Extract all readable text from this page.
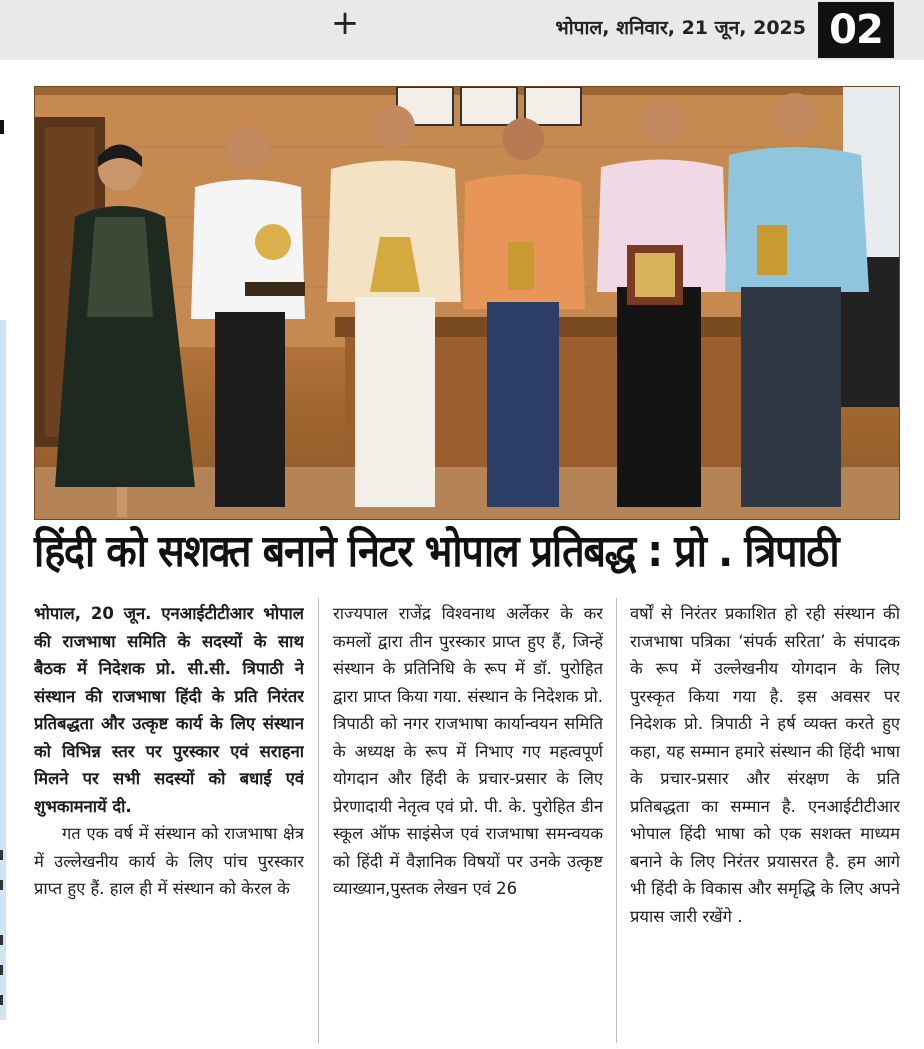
+	भोपाल, शनिवार, 21 जून, 2025 02
हिंदी को सशक्त बनाने निटर भोपाल प्रतिबद्ध : प्रो . त्रिपाठी

भोपाल, 20 जून. एनआईटीटीआर भोपाल की राजभाषा समिति के सदस्यों के साथ बैठक में निदेशक प्रो. सी.सी. त्रिपाठी ने संस्थान की राजभाषा हिंदी के प्रति निरंतर प्रतिबद्धता और उत्कृष्ट कार्य के लिए संस्थान को विभिन्न स्तर पर पुरस्कार एवं सराहना मिलने पर सभी सदस्यों को बधाई एवं शुभकामनायें दी.

गत एक वर्ष में संस्थान को राजभाषा क्षेत्र में उल्लेखनीय कार्य के लिए पांच पुरस्कार प्राप्त हुए हैं. हाल ही में संस्थान को केरल के

राज्यपाल राजेंद्र विश्वनाथ अर्लेकर के कर कमलों द्वारा तीन पुरस्कार प्राप्त हुए हैं, जिन्हें संस्थान के प्रतिनिधि के रूप में डॉ. पुरोहित द्वारा प्राप्त किया गया. संस्थान के निदेशक प्रो. त्रिपाठी को नगर राजभाषा कार्यान्वयन समिति के अध्यक्ष के रूप में निभाए गए महत्वपूर्ण योगदान और हिंदी के प्रचार-प्रसार के लिए प्रेरणादायी नेतृत्व एवं प्रो. पी. के. पुरोहित डीन स्कूल ऑफ साइंसेज एवं राजभाषा समन्वयक को हिंदी में वैज्ञानिक विषयों पर उनके उत्कृष्ट व्याख्यान,पुस्तक लेखन एवं 26

वर्षों से निरंतर प्रकाशित हो रही संस्थान की राजभाषा पत्रिका ‘संपर्क सरिता’ के संपादक के रूप में उल्लेखनीय योगदान के लिए पुरस्कृत किया गया है. इस अवसर पर निदेशक प्रो. त्रिपाठी ने हर्ष व्यक्त करते हुए कहा, यह सम्मान हमारे संस्थान की हिंदी भाषा के प्रचार-प्रसार और संरक्षण के प्रति प्रतिबद्धता का सम्मान है. एनआईटीटीआर भोपाल हिंदी भाषा को एक सशक्त माध्यम बनाने के लिए निरंतर प्रयासरत है. हम आगे भी हिंदी के विकास और समृद्धि के लिए अपने प्रयास जारी रखेंगे .
